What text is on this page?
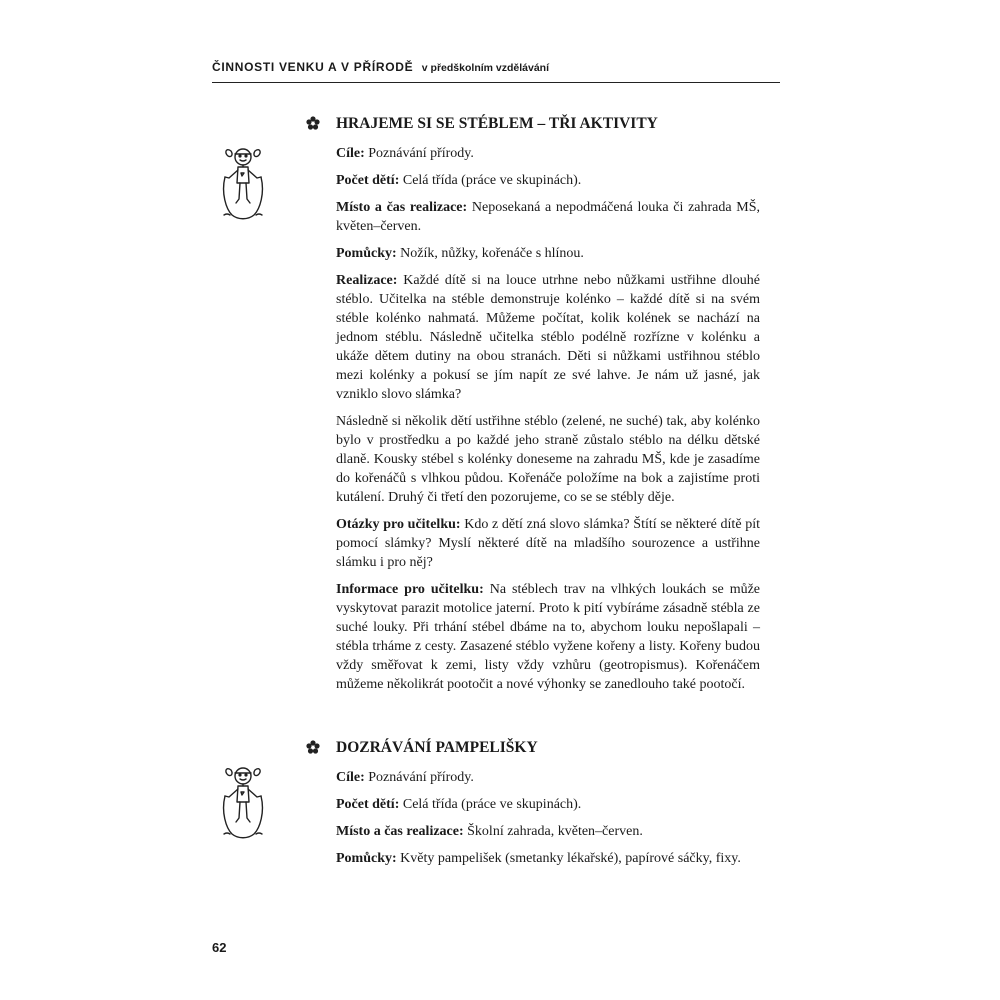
ČINNOSTI VENKU A V PŘÍRODĚ v předškolním vzdělávání
HRAJEME SI SE STÉBLEM – TŘI AKTIVITY

Cíle: Poznávání přírody.

Počet dětí: Celá třída (práce ve skupinách).

Místo a čas realizace: Neposekaná a nepodmáčená louka či zahrada MŠ, květen–červen.

Pomůcky: Nožík, nůžky, kořenáče s hlínou.

Realizace: Každé dítě si na louce utrhne nebo nůžkami ustřihne dlouhé stéblo. Učitelka na stéble demonstruje kolénko – každé dítě si na svém stéble kolénko nahmatá. Můžeme počítat, kolik kolének se nachází na jednom stéblu. Následně učitelka stéblo podélně rozřízne v kolénku a ukáže dětem dutiny na obou stranách. Děti si nůžkami ustřihnou stéblo mezi kolénky a pokusí se jím napít ze své lahve. Je nám už jasné, jak vzniklo slovo slámka?

Následně si několik dětí ustřihne stéblo (zelené, ne suché) tak, aby kolénko bylo v prostředku a po každé jeho straně zůstalo stéblo na délku dětské dlaně. Kousky stébel s kolénky doneseme na zahradu MŠ, kde je zasadíme do kořenáčů s vlhkou půdou. Kořenáče položíme na bok a zajistíme proti kutálení. Druhý či třetí den pozorujeme, co se se stébly děje.

Otázky pro učitelku: Kdo z dětí zná slovo slámka? Štítí se některé dítě pít pomocí slámky? Myslí některé dítě na mladšího sourozence a ustřihne slámku i pro něj?

Informace pro učitelku: Na stéblech trav na vlhkých loukách se může vyskytovat parazit motolice jaterní. Proto k pití vybíráme zásadně stébla ze suché louky. Při trhání stébel dbáme na to, abychom louku nepošlapali – stébla trháme z cesty. Zasazené stéblo vyžene kořeny a listy. Kořeny budou vždy směřovat k zemi, listy vždy vzhůru (geotropismus). Kořenáčem můžeme několikrát pootočit a nové výhonky se zanedlouho také pootočí.

DOZRÁVÁNÍ PAMPELIŠKY

Cíle: Poznávání přírody.

Počet dětí: Celá třída (práce ve skupinách).

Místo a čas realizace: Školní zahrada, květen–červen.

Pomůcky: Květy pampelišek (smetanky lékařské), papírové sáčky, fixy.

62
